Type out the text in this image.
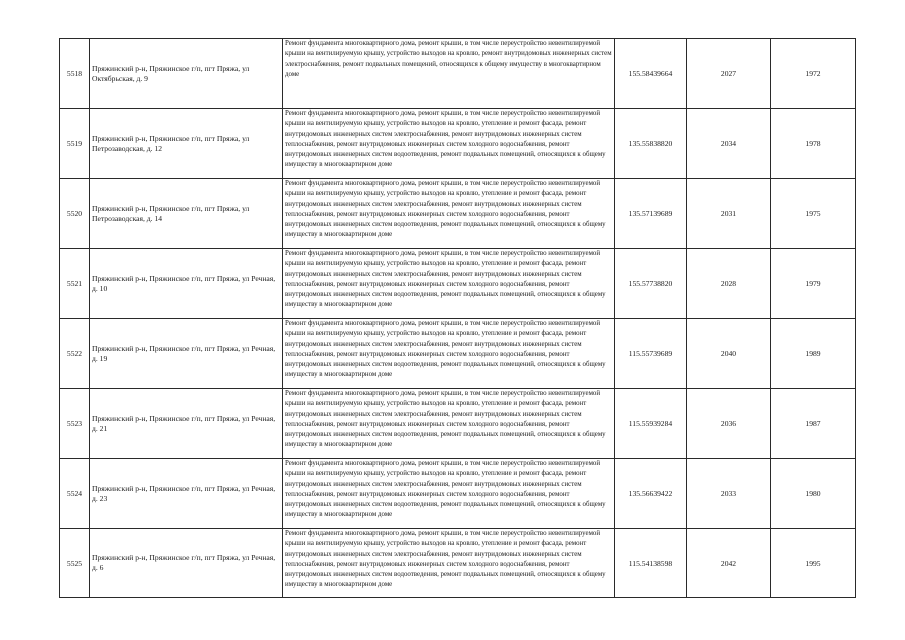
5518	Пряжинский р-н, Пряжинское г/п, пгт Пряжа, ул Октябрьская, д. 9	Ремонт фундамента многоквартирного дома, ремонт крыши, в том числе переустройство невентилируемой крыши на вентилируемую крышу, устройство выходов на кровлю, ремонт внутридомовых инженерных систем электроснабжения, ремонт подвальных помещений, относящихся к общему имуществу в многоквартирном доме	155.58439664	2027	1972
5519	Пряжинский р-н, Пряжинское г/п, пгт Пряжа, ул Петрозаводская, д. 12	Ремонт фундамента многоквартирного дома, ремонт крыши, в том числе переустройство невентилируемой крыши на вентилируемую крышу, устройство выходов на кровлю, утепление и ремонт фасада, ремонт внутридомовых инженерных систем электроснабжения, ремонт внутридомовых инженерных систем теплоснабжения, ремонт внутридомовых инженерных систем холодного водоснабжения, ремонт внутридомовых инженерных систем водоотведения, ремонт подвальных помещений, относящихся к общему имуществу в многоквартирном доме	135.55838820	2034	1978
5520	Пряжинский р-н, Пряжинское г/п, пгт Пряжа, ул Петрозаводская, д. 14	Ремонт фундамента многоквартирного дома, ремонт крыши, в том числе переустройство невентилируемой крыши на вентилируемую крышу, устройство выходов на кровлю, утепление и ремонт фасада, ремонт внутридомовых инженерных систем электроснабжения, ремонт внутридомовых инженерных систем теплоснабжения, ремонт внутридомовых инженерных систем холодного водоснабжения, ремонт внутридомовых инженерных систем водоотведения, ремонт подвальных помещений, относящихся к общему имуществу в многоквартирном доме	135.57139689	2031	1975
5521	Пряжинский р-н, Пряжинское г/п, пгт Пряжа, ул Речная, д. 10	Ремонт фундамента многоквартирного дома, ремонт крыши, в том числе переустройство невентилируемой крыши на вентилируемую крышу, устройство выходов на кровлю, утепление и ремонт фасада, ремонт внутридомовых инженерных систем электроснабжения, ремонт внутридомовых инженерных систем теплоснабжения, ремонт внутридомовых инженерных систем холодного водоснабжения, ремонт внутридомовых инженерных систем водоотведения, ремонт подвальных помещений, относящихся к общему имуществу в многоквартирном доме	155.57738820	2028	1979
5522	Пряжинский р-н, Пряжинское г/п, пгт Пряжа, ул Речная, д. 19	Ремонт фундамента многоквартирного дома, ремонт крыши, в том числе переустройство невентилируемой крыши на вентилируемую крышу, устройство выходов на кровлю, утепление и ремонт фасада, ремонт внутридомовых инженерных систем электроснабжения, ремонт внутридомовых инженерных систем теплоснабжения, ремонт внутридомовых инженерных систем холодного водоснабжения, ремонт внутридомовых инженерных систем водоотведения, ремонт подвальных помещений, относящихся к общему имуществу в многоквартирном доме	115.55739689	2040	1989
5523	Пряжинский р-н, Пряжинское г/п, пгт Пряжа, ул Речная, д. 21	Ремонт фундамента многоквартирного дома, ремонт крыши, в том числе переустройство невентилируемой крыши на вентилируемую крышу, устройство выходов на кровлю, утепление и ремонт фасада, ремонт внутридомовых инженерных систем электроснабжения, ремонт внутридомовых инженерных систем теплоснабжения, ремонт внутридомовых инженерных систем холодного водоснабжения, ремонт внутридомовых инженерных систем водоотведения, ремонт подвальных помещений, относящихся к общему имуществу в многоквартирном доме	115.55939284	2036	1987
5524	Пряжинский р-н, Пряжинское г/п, пгт Пряжа, ул Речная, д. 23	Ремонт фундамента многоквартирного дома, ремонт крыши, в том числе переустройство невентилируемой крыши на вентилируемую крышу, устройство выходов на кровлю, утепление и ремонт фасада, ремонт внутридомовых инженерных систем электроснабжения, ремонт внутридомовых инженерных систем теплоснабжения, ремонт внутридомовых инженерных систем холодного водоснабжения, ремонт внутридомовых инженерных систем водоотведения, ремонт подвальных помещений, относящихся к общему имуществу в многоквартирном доме	135.56639422	2033	1980
5525	Пряжинский р-н, Пряжинское г/п, пгт Пряжа, ул Речная, д. 6	Ремонт фундамента многоквартирного дома, ремонт крыши, в том числе переустройство невентилируемой крыши на вентилируемую крышу, устройство выходов на кровлю, утепление и ремонт фасада, ремонт внутридомовых инженерных систем электроснабжения, ремонт внутридомовых инженерных систем теплоснабжения, ремонт внутридомовых инженерных систем холодного водоснабжения, ремонт внутридомовых инженерных систем водоотведения, ремонт подвальных помещений, относящихся к общему имуществу в многоквартирном доме	115.54138598	2042	1995
